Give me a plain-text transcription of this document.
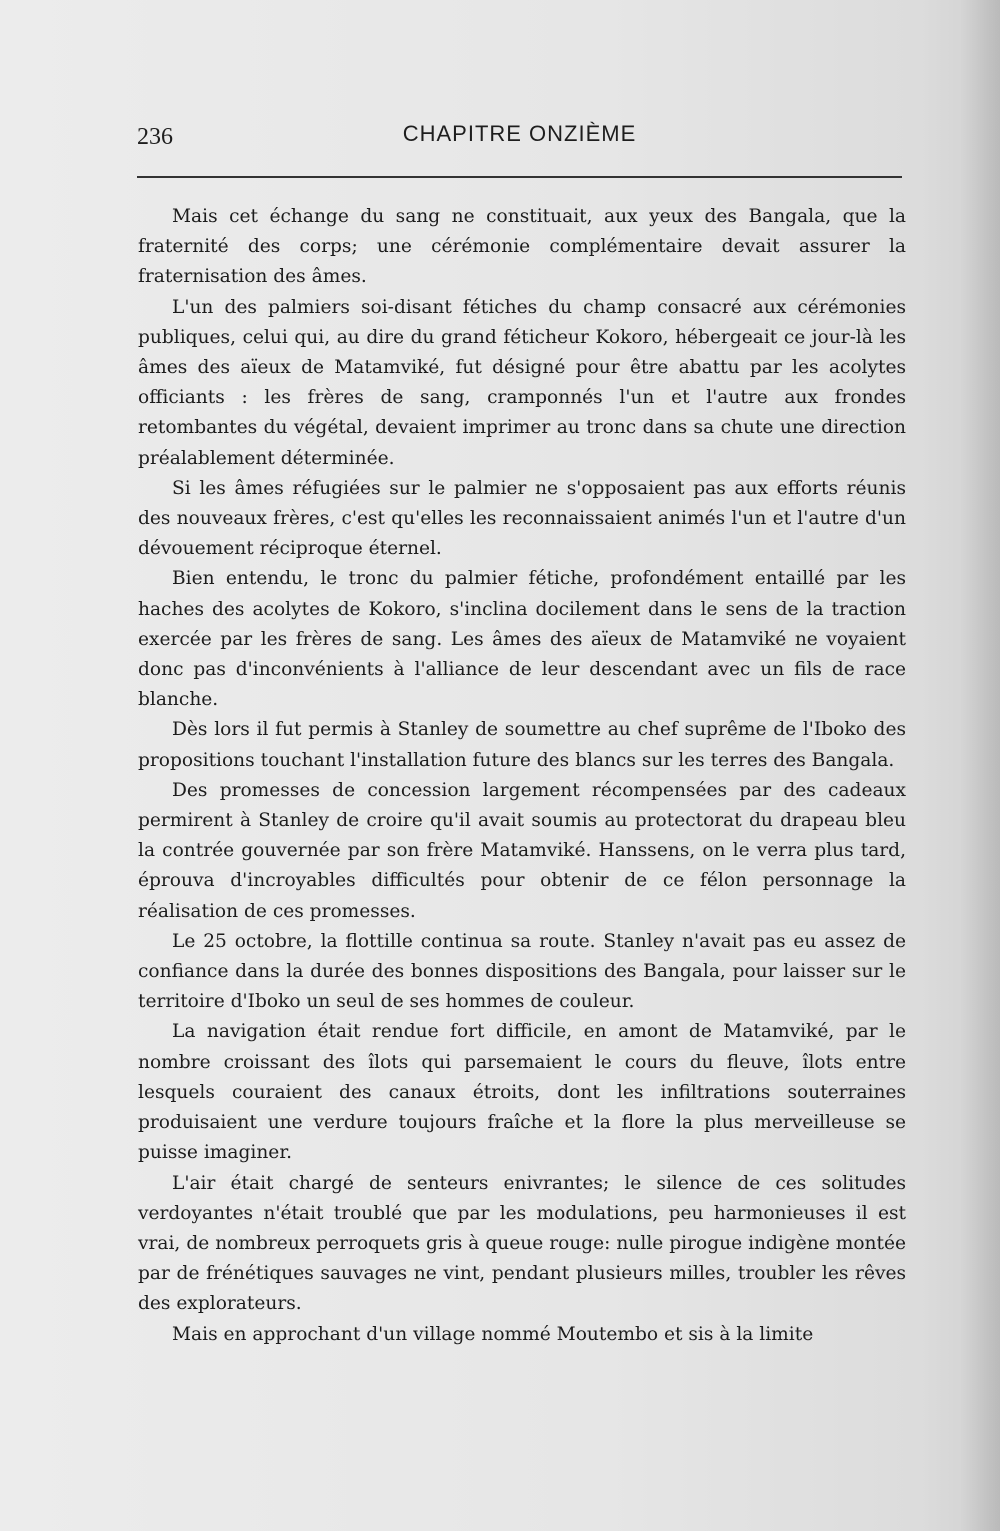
236	CHAPITRE ONZIÈME

Mais cet échange du sang ne constituait, aux yeux des Bangala, que la fraternité des corps; une cérémonie complémentaire devait assurer la fraternisation des âmes.

L'un des palmiers soi-disant fétiches du champ consacré aux cérémonies publiques, celui qui, au dire du grand féticheur Kokoro, hébergeait ce jour-là les âmes des aïeux de Matamviké, fut désigné pour être abattu par les acolytes officiants : les frères de sang, cramponnés l'un et l'autre aux frondes retombantes du végétal, devaient imprimer au tronc dans sa chute une direction préalablement déterminée.

Si les âmes réfugiées sur le palmier ne s'opposaient pas aux efforts réunis des nouveaux frères, c'est qu'elles les reconnaissaient animés l'un et l'autre d'un dévouement réciproque éternel.

Bien entendu, le tronc du palmier fétiche, profondément entaillé par les haches des acolytes de Kokoro, s'inclina docilement dans le sens de la traction exercée par les frères de sang. Les âmes des aïeux de Matamviké ne voyaient donc pas d'inconvénients à l'alliance de leur descendant avec un fils de race blanche.

Dès lors il fut permis à Stanley de soumettre au chef suprême de l'Iboko des propositions touchant l'installation future des blancs sur les terres des Bangala.

Des promesses de concession largement récompensées par des cadeaux permirent à Stanley de croire qu'il avait soumis au protectorat du drapeau bleu la contrée gouvernée par son frère Matamviké. Hanssens, on le verra plus tard, éprouva d'incroyables difficultés pour obtenir de ce félon personnage la réalisation de ces promesses.

Le 25 octobre, la flottille continua sa route. Stanley n'avait pas eu assez de confiance dans la durée des bonnes dispositions des Bangala, pour laisser sur le territoire d'Iboko un seul de ses hommes de couleur.

La navigation était rendue fort difficile, en amont de Matamviké, par le nombre croissant des îlots qui parsemaient le cours du fleuve, îlots entre lesquels couraient des canaux étroits, dont les infiltrations souterraines produisaient une verdure toujours fraîche et la flore la plus merveilleuse se puisse imaginer.

L'air était chargé de senteurs enivrantes; le silence de ces solitudes verdoyantes n'était troublé que par les modulations, peu harmonieuses il est vrai, de nombreux perroquets gris à queue rouge: nulle pirogue indigène montée par de frénétiques sauvages ne vint, pendant plusieurs milles, troubler les rêves des explorateurs.

Mais en approchant d'un village nommé Moutembo et sis à la limite
